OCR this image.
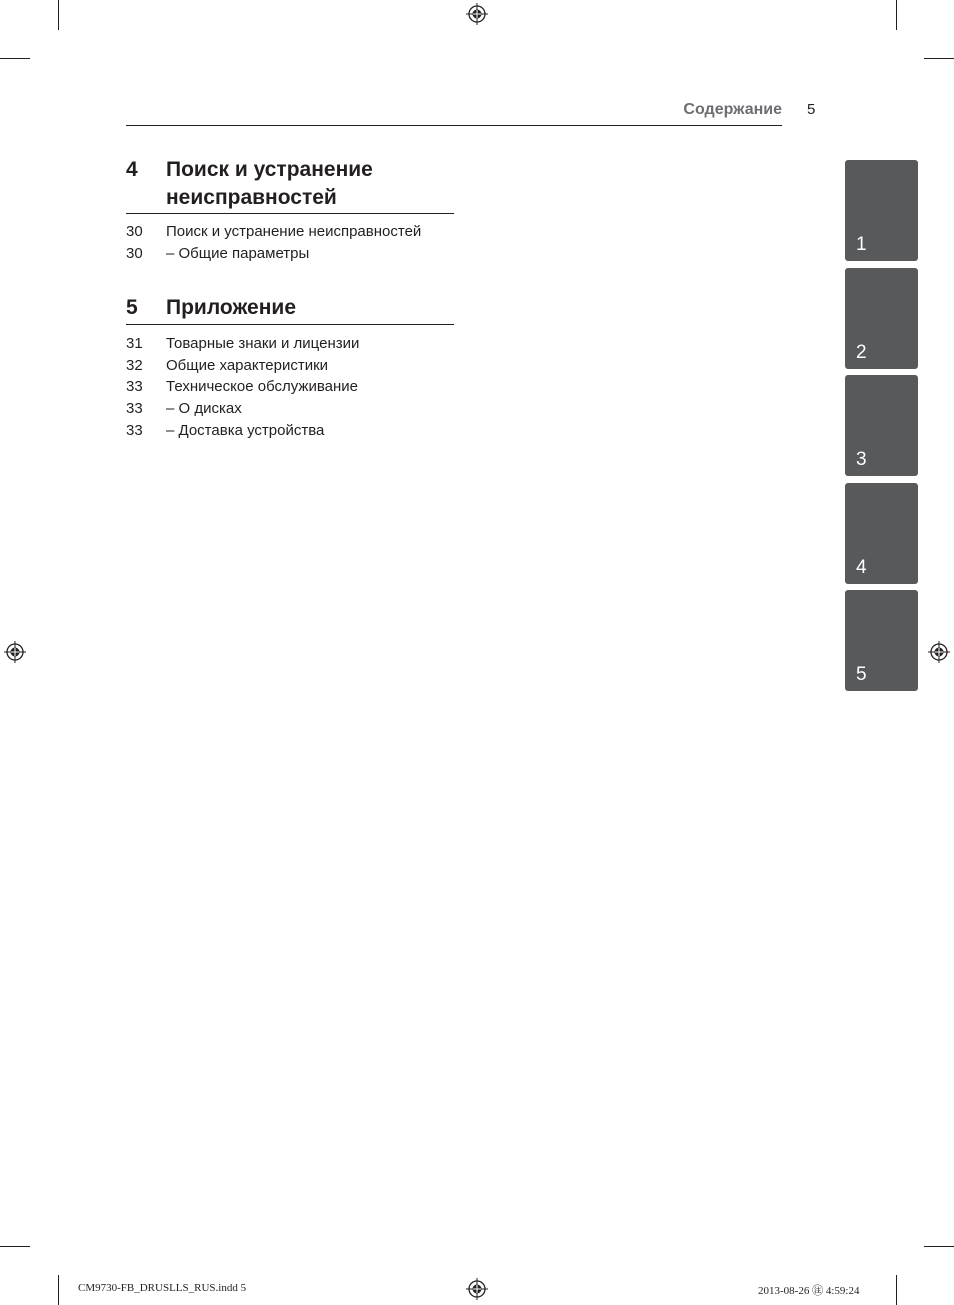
Содержание 5
4 Поиск и устранение неисправностей
30 Поиск и устранение неисправностей
30 – Общие параметры
5 Приложение
31 Товарные знаки и лицензии
32 Общие характеристики
33 Техническое обслуживание
33 – О дисках
33 – Доставка устройства
1
2
3
4
5
CM9730-FB_DRUSLLS_RUS.indd 5	2013-08-26 ㊟ 4:59:24
